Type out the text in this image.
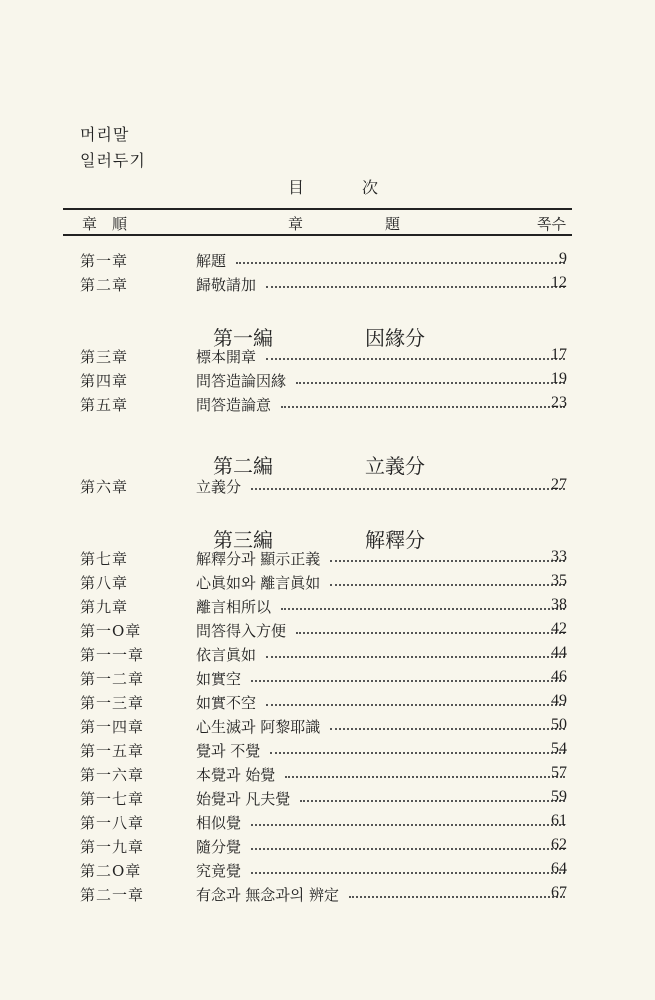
머리말
일러두기
目	次
章　順	章	題	쪽수
第一章	解題	9
第二章	歸敬請加	12
第一編	因緣分
第三章	標本開章	17
第四章	問答造論因緣	19
第五章	問答造論意	23
第二編	立義分
第六章	立義分	27
第三編	解釋分
第七章	解釋分과 顯示正義	33
第八章	心眞如와 離言眞如	35
第九章	離言相所以	38
第一O章	問答得入方便	42
第一一章	依言眞如	44
第一二章	如實空	46
第一三章	如實不空	49
第一四章	心生滅과 阿黎耶識	50
第一五章	覺과 不覺	54
第一六章	本覺과 始覺	57
第一七章	始覺과 凡夫覺	59
第一八章	相似覺	61
第一九章	隨分覺	62
第二O章	究竟覺	64
第二一章	有念과 無念과의 辨定	67
